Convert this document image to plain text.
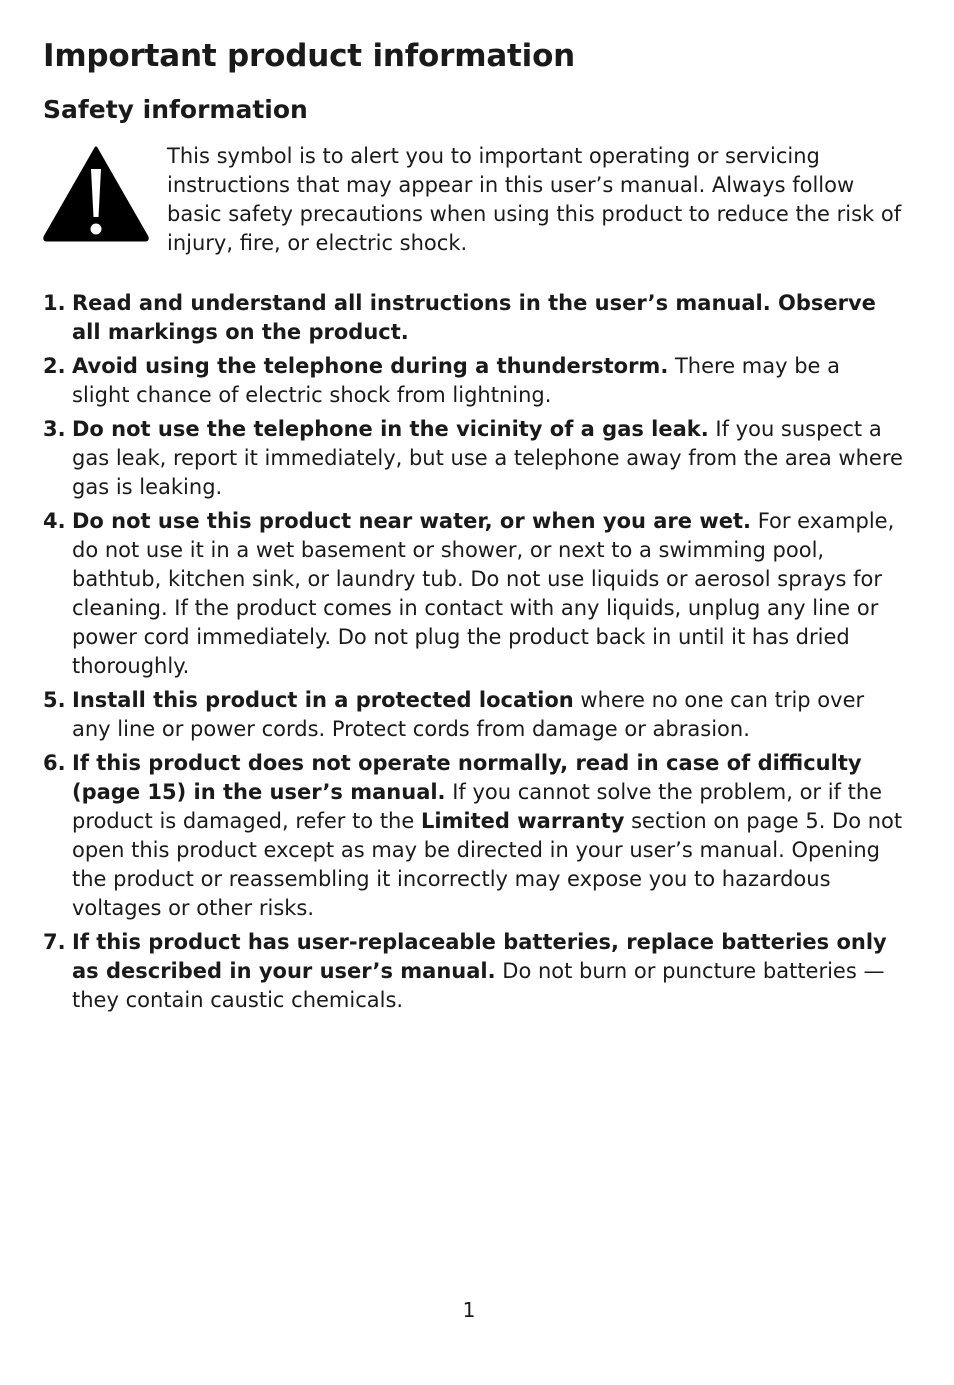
Important product information
Safety information

This symbol is to alert you to important operating or servicing instructions that may appear in this user’s manual. Always follow basic safety precautions when using this product to reduce the risk of injury, fire, or electric shock.

1. Read and understand all instructions in the user’s manual. Observe all markings on the product.
2. Avoid using the telephone during a thunderstorm. There may be a slight chance of electric shock from lightning.
3. Do not use the telephone in the vicinity of a gas leak. If you suspect a gas leak, report it immediately, but use a telephone away from the area where gas is leaking.
4. Do not use this product near water, or when you are wet. For example, do not use it in a wet basement or shower, or next to a swimming pool, bathtub, kitchen sink, or laundry tub. Do not use liquids or aerosol sprays for cleaning. If the product comes in contact with any liquids, unplug any line or power cord immediately. Do not plug the product back in until it has dried thoroughly.
5. Install this product in a protected location where no one can trip over any line or power cords. Protect cords from damage or abrasion.
6. If this product does not operate normally, read in case of difficulty (page 15) in the user’s manual. If you cannot solve the problem, or if the product is damaged, refer to the Limited warranty section on page 5. Do not open this product except as may be directed in your user’s manual. Opening the product or reassembling it incorrectly may expose you to hazardous voltages or other risks.
7. If this product has user-replaceable batteries, replace batteries only as described in your user’s manual. Do not burn or puncture batteries — they contain caustic chemicals.
1
